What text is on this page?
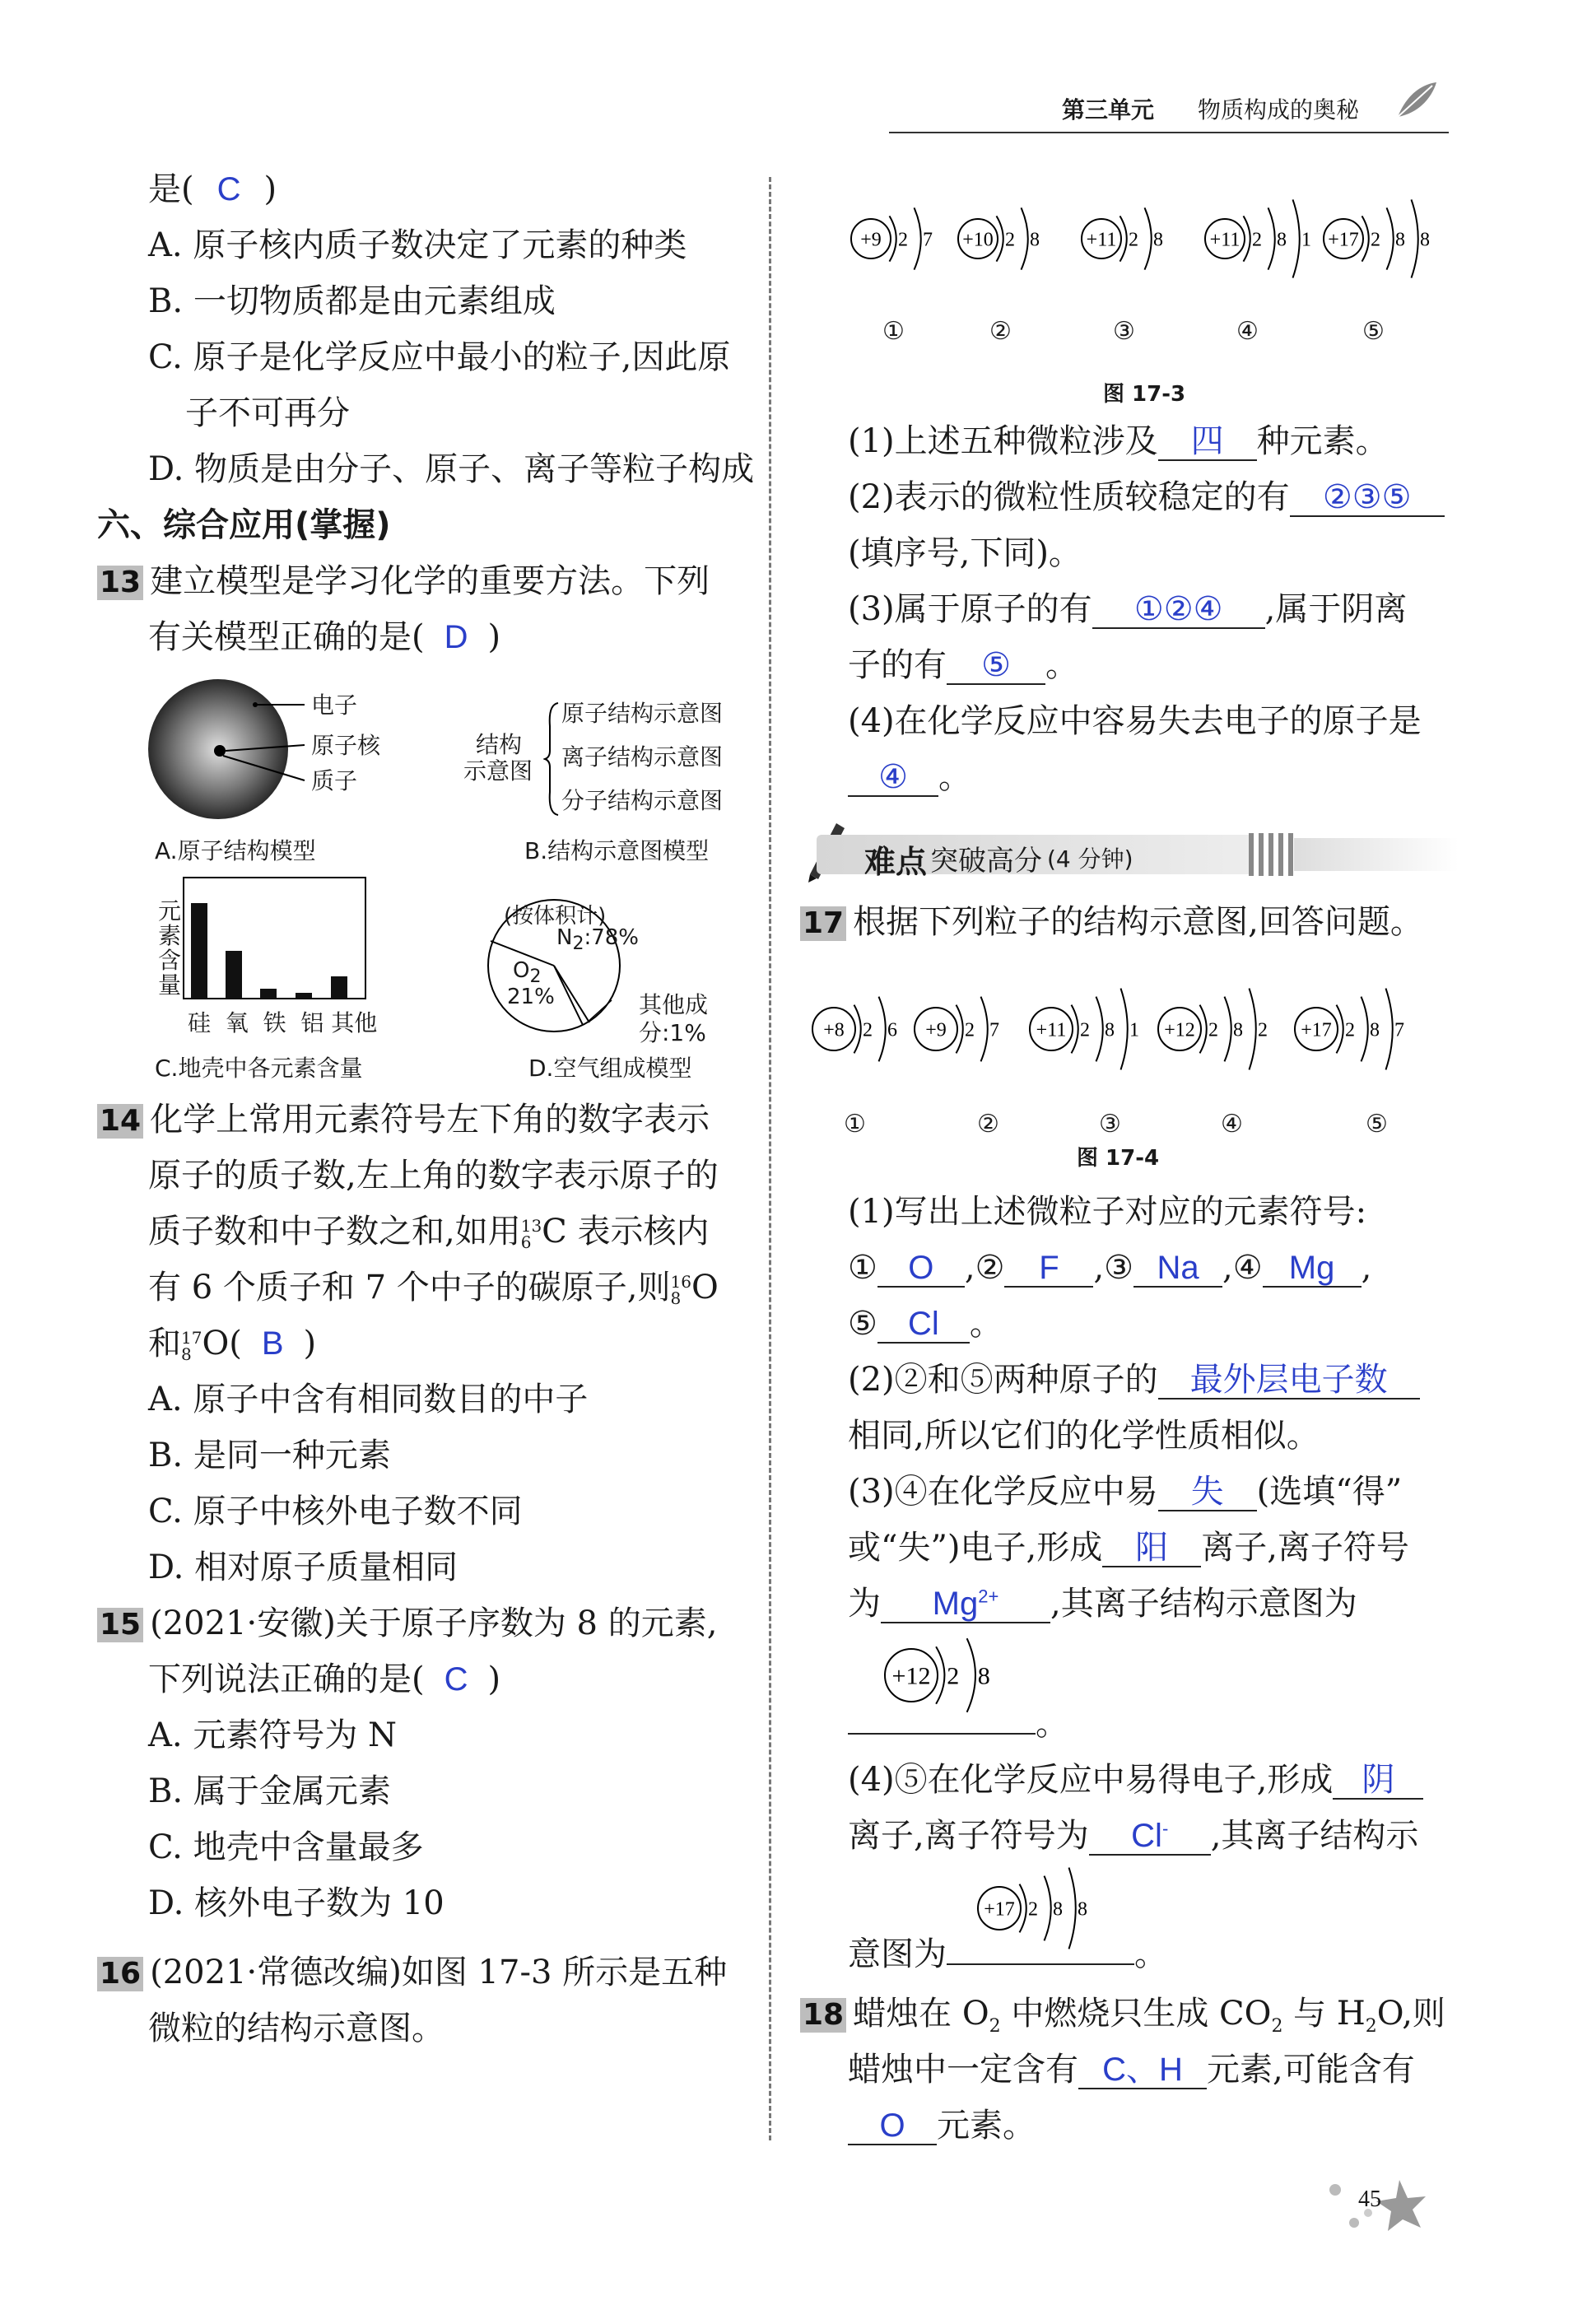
第三单元 物质构成的奥秘
是( C )
A. 原子核内质子数决定了元素的种类
B. 一切物质都是由元素组成
C. 原子是化学反应中最小的粒子,因此原
子不可再分
D. 物质是由分子、原子、离子等粒子构成
六、综合应用(掌握)
13 建立模型是学习化学的重要方法。下列
有关模型正确的是( D )
电子
原子核
质子
A.原子结构模型
结构
示意图
原子结构示意图
离子结构示意图
分子结构示意图
B.结构示意图模型
元
素
含
量
硅  氧  铁  铝 其他
C.地壳中各元素含量
(按体积计)
$N_2:78\%$
$O_2$
21%	其他成
分:1%
D.空气组成模型
14 化学上常用元素符号左下角的数字表示
原子的质子数,左上角的数字表示原子的
质子数和中子数之和,如用 13
6 C 表示核内
有 6 个质子和 7 个中子的碳原子,则 16
8 O
和 17
8 O( B )
A. 原子中含有相同数目的中子
B. 是同一种元素
C. 原子中核外电子数不同
D. 相对原子质量相同
15 (2021·安徽)关于原子序数为 8 的元素,
下列说法正确的是( C )
A. 元素符号为 N
B. 属于金属元素
C. 地壳中含量最多
D. 核外电子数为 10
16 (2021·常德改编)如图 17-3 所示是五种
微粒的结构示意图。
+9 2 7 +10 2 8 +11 2 8 +11 2 8 1 +17 2 8 8
①	②	③	④	⑤
图 17-3
(1)上述五种微粒涉及 四 种元素。
(2)表示的微粒性质较稳定的有 ②③⑤
(填序号,下同)。
(3)属于原子的有 ①②④ ,属于阴离
子的有 ⑤ 。
(4)在化学反应中容易失去电子的原子是
④ 。
难点 突破高分 (4 分钟)
17 根据下列粒子的结构示意图,回答问题。
+8 2 6 +9 2 7 +11 2 8 1 +12 2 8 2 +17 2 8 7
①	②	③	④	⑤
图 17-4
(1)写出上述微粒子对应的元素符号:
① O ,② F ,③ Na ,④ Mg ,
⑤ Cl 。
(2)②和⑤两种原子的 最外层电子数
相同,所以它们的化学性质相似。
(3)④在化学反应中易 失 (选填“得”
或“失”)电子,形成 阳 离子,离子符号
为 $Mg^{2+}$ ,其离子结构示意图为
+12 2 8
。
(4)⑤在化学反应中易得电子,形成 阴
离子,离子符号为 Cl- ,其离子结构示
+17 2 8 8
意图为	。
18 蜡烛在 $O_2$ 中燃烧只生成 $CO_2$ 与 $H_2O$,则
蜡烛中一定含有 C、H 元素,可能含有
O 元素。
45
